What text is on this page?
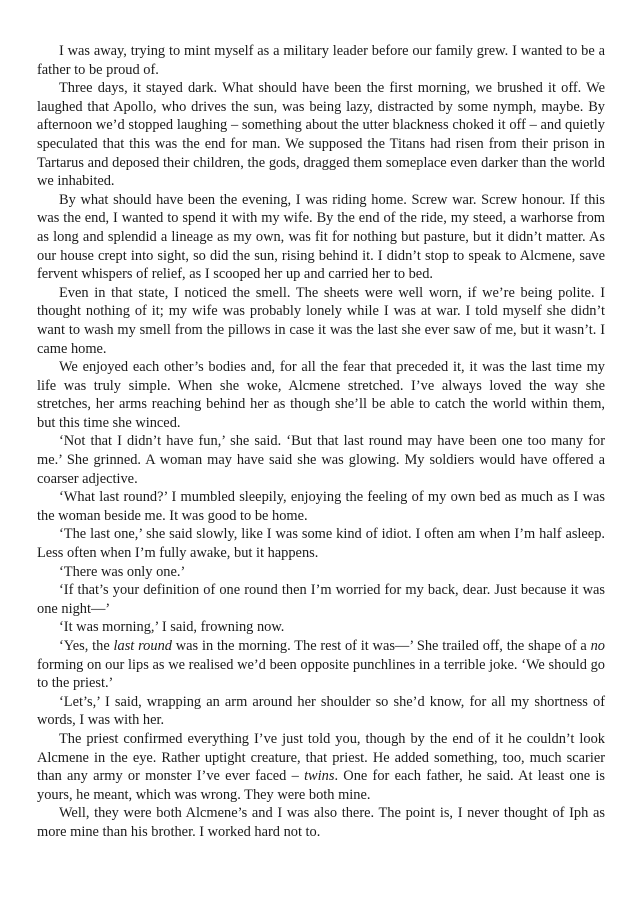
I was away, trying to mint myself as a military leader before our family grew. I wanted to be a father to be proud of.

Three days, it stayed dark. What should have been the first morning, we brushed it off. We laughed that Apollo, who drives the sun, was being lazy, distracted by some nymph, maybe. By afternoon we’d stopped laughing – something about the utter blackness choked it off – and quietly speculated that this was the end for man. We supposed the Titans had risen from their prison in Tartarus and deposed their children, the gods, dragged them someplace even darker than the world we inhabited.

By what should have been the evening, I was riding home. Screw war. Screw honour. If this was the end, I wanted to spend it with my wife. By the end of the ride, my steed, a warhorse from as long and splendid a lineage as my own, was fit for nothing but pasture, but it didn’t matter. As our house crept into sight, so did the sun, rising behind it. I didn’t stop to speak to Alcmene, save fervent whispers of relief, as I scooped her up and carried her to bed.

Even in that state, I noticed the smell. The sheets were well worn, if we’re being polite. I thought nothing of it; my wife was probably lonely while I was at war. I told myself she didn’t want to wash my smell from the pillows in case it was the last she ever saw of me, but it wasn’t. I came home.

We enjoyed each other’s bodies and, for all the fear that preceded it, it was the last time my life was truly simple. When she woke, Alcmene stretched. I’ve always loved the way she stretches, her arms reaching behind her as though she’ll be able to catch the world within them, but this time she winced.

‘Not that I didn’t have fun,’ she said. ‘But that last round may have been one too many for me.’ She grinned. A woman may have said she was glowing. My soldiers would have offered a coarser adjective.

‘What last round?’ I mumbled sleepily, enjoying the feeling of my own bed as much as I was the woman beside me. It was good to be home.

‘The last one,’ she said slowly, like I was some kind of idiot. I often am when I’m half asleep. Less often when I’m fully awake, but it happens.

‘There was only one.’

‘If that’s your definition of one round then I’m worried for my back, dear. Just because it was one night—’

‘It was morning,’ I said, frowning now.

‘Yes, the last round was in the morning. The rest of it was—’ She trailed off, the shape of a no forming on our lips as we realised we’d been opposite punchlines in a terrible joke. ‘We should go to the priest.’

‘Let’s,’ I said, wrapping an arm around her shoulder so she’d know, for all my shortness of words, I was with her.

The priest confirmed everything I’ve just told you, though by the end of it he couldn’t look Alcmene in the eye. Rather uptight creature, that priest. He added something, too, much scarier than any army or monster I’ve ever faced – twins. One for each father, he said. At least one is yours, he meant, which was wrong. They were both mine.

Well, they were both Alcmene’s and I was also there. The point is, I never thought of Iph as more mine than his brother. I worked hard not to.
